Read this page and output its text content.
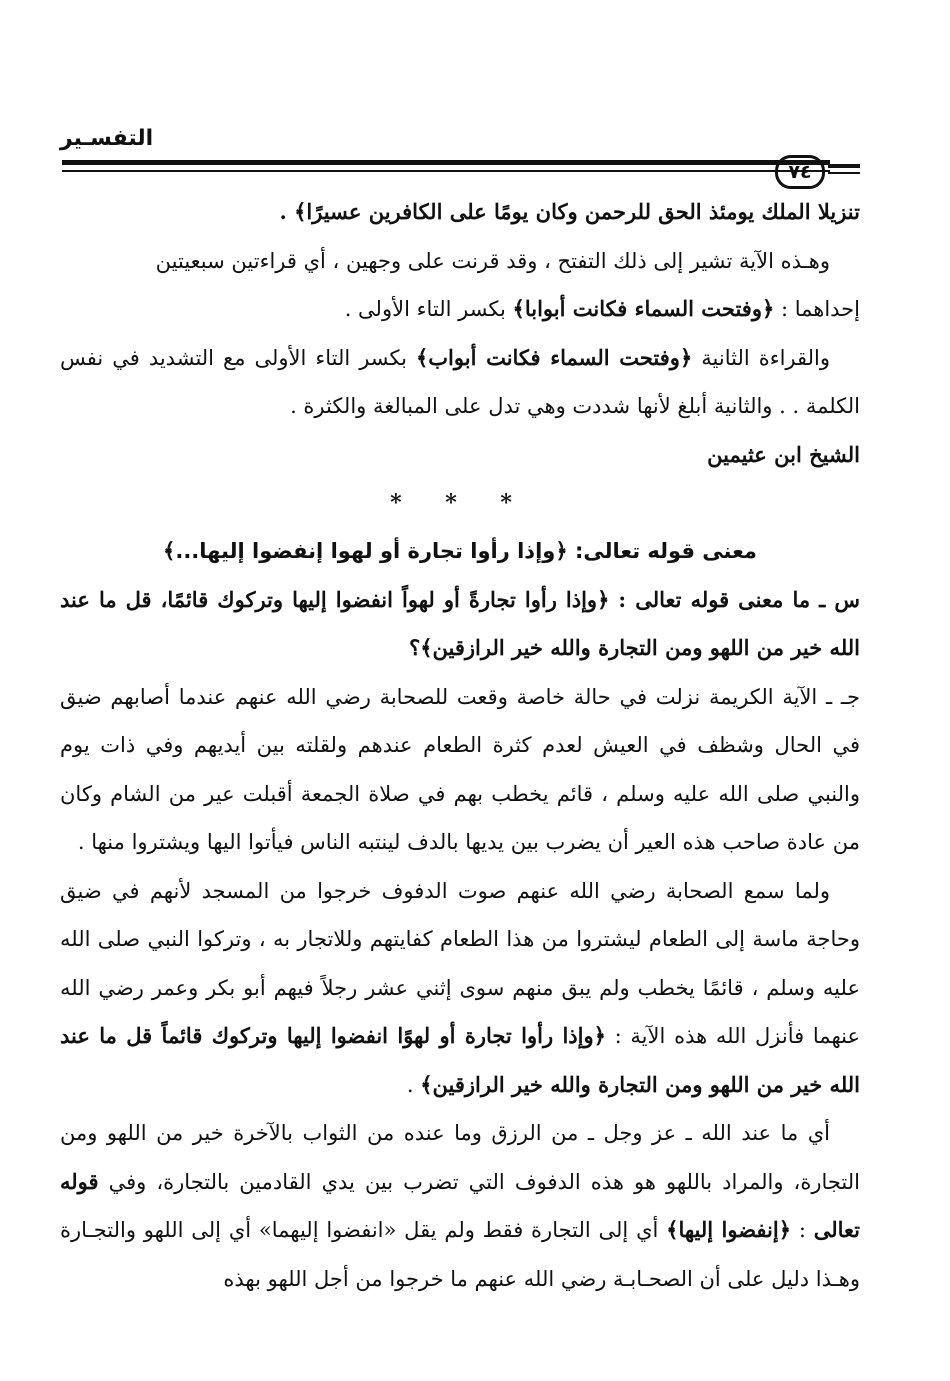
التفسـير
٧٤

تنزيلا الملك يومئذ الحق للرحمن وكان يومًا على الكافرين عسيرًا﴾ .

وهـذه الآية تشير إلى ذلك التفتح ، وقد قرنت على وجهين ، أي قراءتين سبعيتين

إحداهما : ﴿وفتحت السماء فكانت أبوابا﴾ بكسر التاء الأولى .

والقراءة الثانية ﴿وفتحت السماء فكانت أبواب﴾ بكسر التاء الأولى مع التشديد في نفس الكلمة . . والثانية أبلغ لأنها شددت وهي تدل على المبالغة والكثرة .

الشيخ ابن عثيمين

* * *

معنى قوله تعالى: ﴿وإذا رأوا تجارة أو لهوا إنفضوا إليها...﴾

س ـ ما معنى قوله تعالى : ﴿وإذا رأوا تجارةً أو لهواً انفضوا إليها وتركوك قائمًا، قل ما عند الله خير من اللهو ومن التجارة والله خير الرازقين﴾؟

جـ ـ الآية الكريمة نزلت في حالة خاصة وقعت للصحابة رضي الله عنهم عندما أصابهم ضيق في الحال وشظف في العيش لعدم كثرة الطعام عندهم ولقلته بين أيديهم وفي ذات يوم والنبي صلى الله عليه وسلم ، قائم يخطب بهم في صلاة الجمعة أقبلت عير من الشام وكان من عادة صاحب هذه العير أن يضرب بين يديها بالدف لينتبه الناس فيأتوا اليها ويشتروا منها .

ولما سمع الصحابة رضي الله عنهم صوت الدفوف خرجوا من المسجد لأنهم في ضيق وحاجة ماسة إلى الطعام ليشتروا من هذا الطعام كفايتهم وللاتجار به ، وتركوا النبي صلى الله عليه وسلم ، قائمًا يخطب ولم يبق منهم سوى إثني عشر رجلاً فيهم أبو بكر وعمر رضي الله عنهما فأنزل الله هذه الآية : ﴿وإذا رأوا تجارة أو لهوًا انفضوا إليها وتركوك قائماً قل ما عند الله خير من اللهو ومن التجارة والله خير الرازقين﴾ .

أي ما عند الله ـ عز وجل ـ من الرزق وما عنده من الثواب بالآخرة خير من اللهو ومن التجارة، والمراد باللهو هو هذه الدفوف التي تضرب بين يدي القادمين بالتجارة، وفي قوله تعالى : ﴿إنفضوا إليها﴾ أي إلى التجارة فقط ولم يقل «انفضوا إليهما» أي إلى اللهو والتجـارة وهـذا دليل على أن الصحـابـة رضي الله عنهم ما خرجوا من أجل اللهو بهذه
